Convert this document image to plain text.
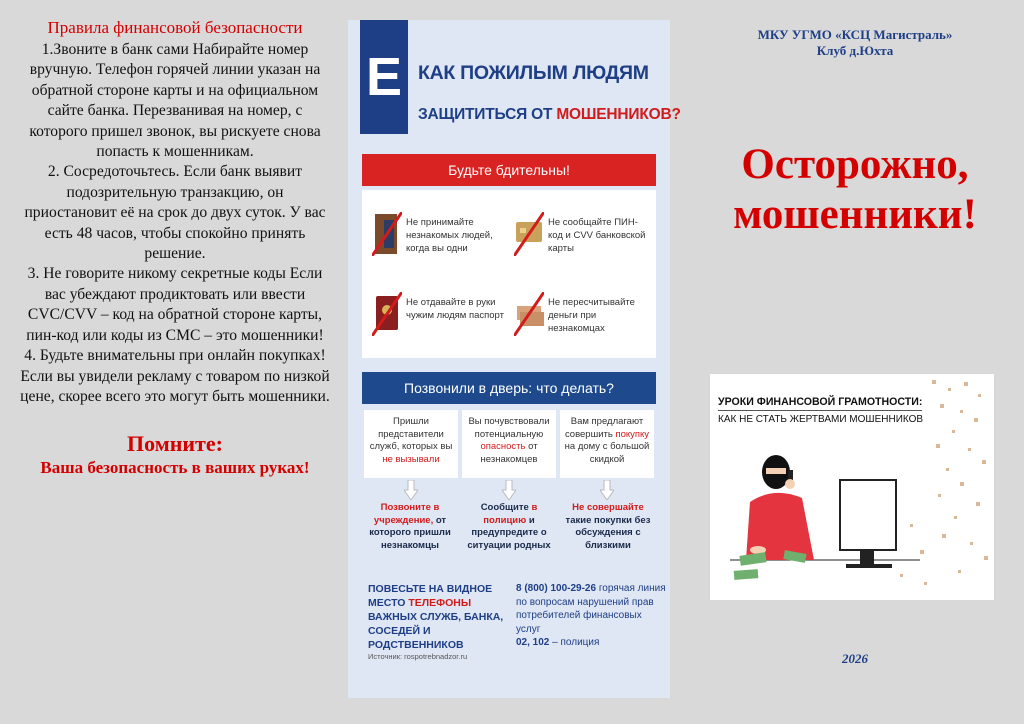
Правила финансовой безопасности

1.Звоните в банк сами Набирайте номер вручную. Телефон горячей линии указан на обратной стороне карты и на официальном сайте банка. Перезванивая на номер, с которого пришел звонок, вы рискуете снова попасть к мошенникам.

2. Сосредоточьтесь. Если банк выявит подозрительную транзакцию, он приостановит её на срок до двух суток. У вас есть 48 часов, чтобы спокойно принять решение.

3. Не говорите никому секретные коды Если вас убеждают продиктовать или ввести CVC/CVV – код на обратной стороне карты, пин-код или коды из СМС – это мошенники!

4. Будьте внимательны при онлайн покупках! Если вы увидели рекламу с товаром по низкой цене, скорее всего это могут быть мошенники.

Помните:
Ваша безопасность в ваших руках!
Е КАК ПОЖИЛЫМ ЛЮДЯМ
ЗАЩИТИТЬСЯ ОТ МОШЕННИКОВ?
Будьте бдительны!
Не принимайте незнакомых людей, когда вы одни
Не сообщайте ПИН-код и CVV банковской карты
Не отдавайте в руки чужим людям паспорт
Не пересчитывайте деньги при незнакомцах
Позвонили в дверь: что делать?
Пришли представители служб, которых вы не вызывали
Вы почувствовали потенциальную опасность от незнакомцев
Вам предлагают совершить покупку на дому с большой скидкой
Позвоните в учреждение, от которого пришли незнакомцы
Сообщите в полицию и предупредите о ситуации родных
Не совершайте такие покупки без обсуждения с близкими
ПОВЕСЬТЕ НА ВИДНОЕ МЕСТО ТЕЛЕФОНЫ ВАЖНЫХ СЛУЖБ, БАНКА, СОСЕДЕЙ И РОДСТВЕННИКОВ
8 (800) 100-29-26 горячая линия по вопросам нарушений прав потребителей финансовых услуг
02, 102 – полиция
Источник: rospotrebnadzor.ru
МКУ УГМО «КСЦ Магистраль»
Клуб д.Юхта
Осторожно,
мошенники!
УРОКИ ФИНАНСОВОЙ ГРАМОТНОСТИ:
КАК НЕ СТАТЬ ЖЕРТВАМИ МОШЕННИКОВ
2026
